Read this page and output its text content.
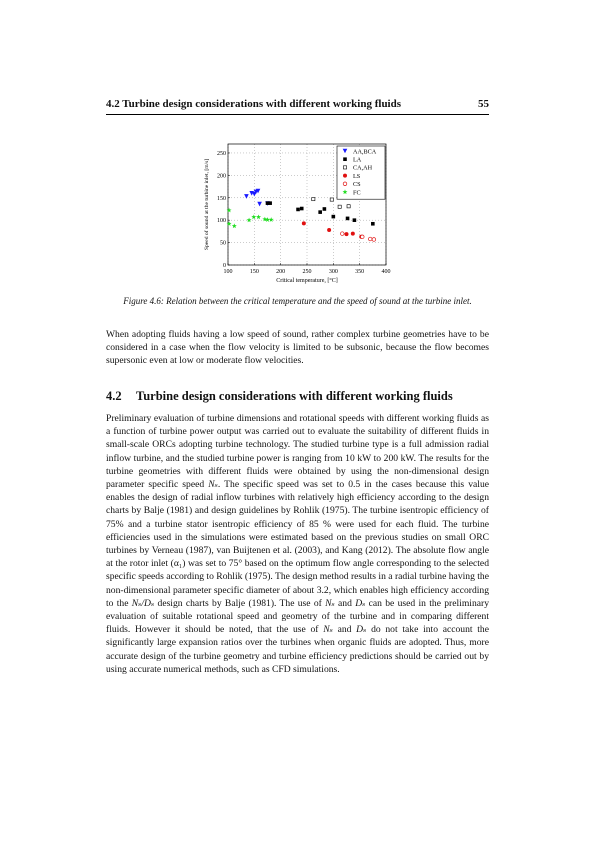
4.2 Turbine design considerations with different working fluids	55
100	150	200	250	300	350	400
0
50
100
150
200
250
Critical temperature, [°C]
Speed of sound at the turbine inlet, [m/s]
AA,BCA
LA
CA,AH
LS
CS
FC
Figure 4.6: Relation between the critical temperature and the speed of sound at the turbine inlet.
When adopting fluids having a low speed of sound, rather complex turbine geometries have to be considered in a case when the flow velocity is limited to be subsonic, because the flow becomes supersonic even at low or moderate flow velocities.
4.2 Turbine design considerations with different working fluids
Preliminary evaluation of turbine dimensions and rotational speeds with different working fluids as a function of turbine power output was carried out to evaluate the suitability of different fluids in small-scale ORCs adopting turbine technology. The studied turbine type is a full admission radial inflow turbine, and the studied turbine power is ranging from 10 kW to 200 kW. The results for the turbine geometries with different fluids were obtained by using the non-dimensional design parameter specific speed Nₛ. The specific speed was set to 0.5 in the cases because this value enables the design of radial inflow turbines with relatively high efficiency according to the design charts by Balje (1981) and design guidelines by Rohlik (1975). The turbine isentropic efficiency of 75% and a turbine stator isentropic efficiency of 85 % were used for each fluid. The turbine efficiencies used in the simulations were estimated based on the previous studies on small ORC turbines by Verneau (1987), van Buijtenen et al. (2003), and Kang (2012). The absolute flow angle at the rotor inlet (α₁) was set to 75° based on the optimum flow angle corresponding to the selected specific speeds according to Rohlik (1975). The design method results in a radial turbine having the non-dimensional parameter specific diameter of about 3.2, which enables high efficiency according to the Nₛ/Dₛ design charts by Balje (1981). The use of Nₛ and Dₛ can be used in the preliminary evaluation of suitable rotational speed and geometry of the turbine and in comparing different fluids. However it should be noted, that the use of Nₛ and Dₛ do not take into account the significantly large expansion ratios over the turbines when organic fluids are adopted. Thus, more accurate design of the turbine geometry and turbine efficiency predictions should be carried out by using accurate numerical methods, such as CFD simulations.
